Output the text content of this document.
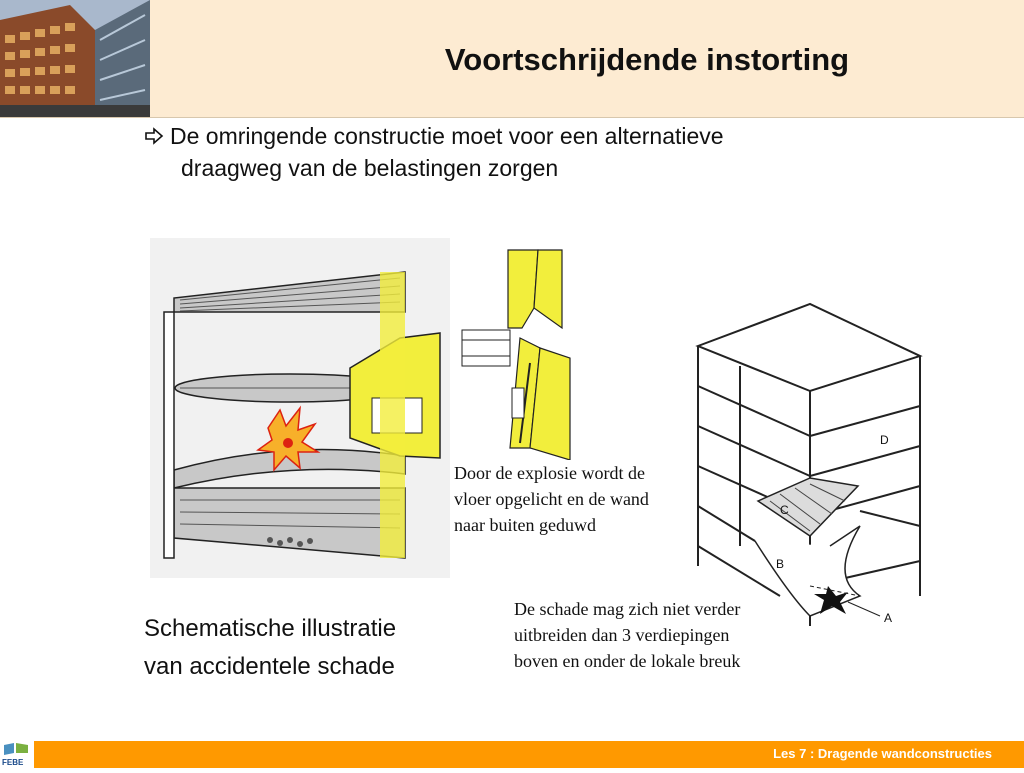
Voortschrijdende instorting
De omringende constructie moet voor een alternatieve
draagweg van de belastingen zorgen
D
C
B
A
Door de explosie wordt de vloer opgelicht en de wand naar buiten geduwd
De schade mag zich niet verder uitbreiden dan 3 verdiepingen boven en onder de lokale breuk
Schematische illustratie
van accidentele schade
FEBE
Les 7 : Dragende wandconstructies
